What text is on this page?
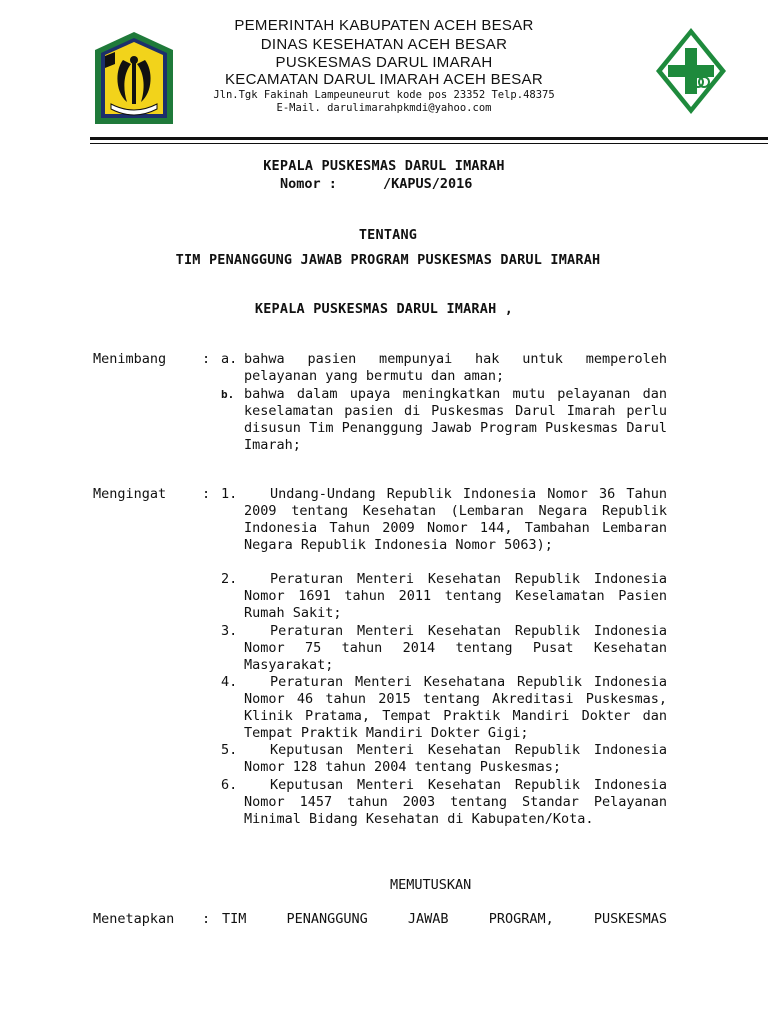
PEMERINTAH KABUPATEN ACEH BESAR
DINAS KESEHATAN ACEH BESAR
PUSKESMAS DARUL IMARAH
KECAMATAN DARUL IMARAH ACEH BESAR
Jln.Tgk Fakinah Lampeuneurut kode pos 23352 Telp.48375
E-Mail. darulimarahpkmdi@yahoo.com
KEPALA PUSKESMAS DARUL IMARAH
Nomor :	/KAPUS/2016
TENTANG
TIM PENANGGUNG JAWAB PROGRAM PUSKESMAS DARUL IMARAH
KEPALA PUSKESMAS DARUL IMARAH ,
Menimbang	: a. bahwa pasien mempunyai hak untuk memperoleh pelayanan yang bermutu dan aman;
b. bahwa dalam upaya meningkatkan mutu pelayanan dan keselamatan pasien di Puskesmas Darul Imarah perlu disusun Tim Penanggung Jawab Program Puskesmas Darul Imarah;
Mengingat	: 1.	Undang-Undang Republik Indonesia Nomor 36 Tahun 2009 tentang Kesehatan (Lembaran Negara Republik Indonesia Tahun 2009 Nomor 144, Tambahan Lembaran Negara Republik Indonesia Nomor 5063);
2.	Peraturan Menteri Kesehatan Republik Indonesia Nomor 1691 tahun 2011 tentang Keselamatan Pasien Rumah Sakit;
3.	Peraturan Menteri Kesehatan Republik Indonesia Nomor 75 tahun 2014 tentang Pusat Kesehatan Masyarakat;
4.	Peraturan Menteri Kesehatana Republik Indonesia Nomor 46 tahun 2015 tentang Akreditasi Puskesmas, Klinik Pratama, Tempat Praktik Mandiri Dokter dan Tempat Praktik Mandiri Dokter Gigi;
5.	Keputusan Menteri Kesehatan Republik Indonesia Nomor 128 tahun 2004 tentang Puskesmas;
6.	Keputusan Menteri Kesehatan Republik Indonesia Nomor 1457 tahun 2003 tentang Standar Pelayanan Minimal Bidang Kesehatan di Kabupaten/Kota.
MEMUTUSKAN
Menetapkan : TIM PENANGGUNG JAWAB PROGRAM, PUSKESMAS
